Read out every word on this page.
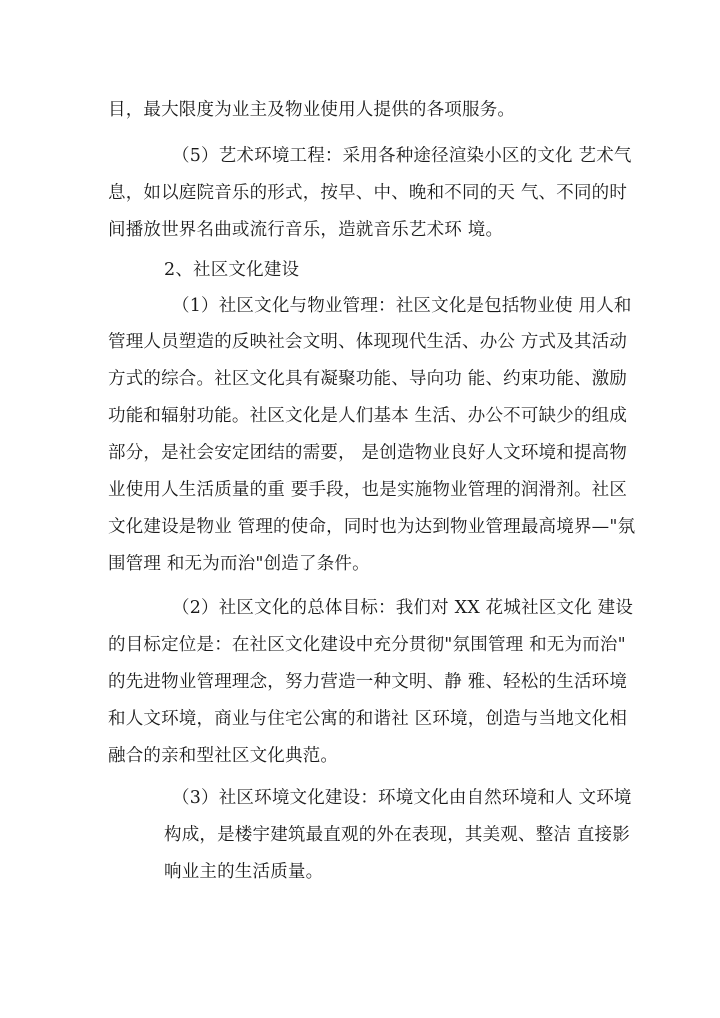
目，最大限度为业主及物业使用人提供的各项服务。
（5）艺术环境工程：采用各种途径渲染小区的文化 艺术气
息，如以庭院音乐的形式，按早、中、晚和不同的天 气、不同的时
间播放世界名曲或流行音乐，造就音乐艺术环 境。
2、社区文化建设
（1）社区文化与物业管理：社区文化是包括物业使 用人和
管理人员塑造的反映社会文明、体现现代生活、办公 方式及其活动
方式的综合。社区文化具有凝聚功能、导向功 能、约束功能、激励
功能和辐射功能。社区文化是人们基本 生活、办公不可缺少的组成
部分，是社会安定团结的需要， 是创造物业良好人文环境和提高物
业使用人生活质量的重 要手段，也是实施物业管理的润滑剂。社区
文化建设是物业 管理的使命，同时也为达到物业管理最高境界—"氛
围管理 和无为而治"创造了条件。
（2）社区文化的总体目标：我们对 XX 花城社区文化 建设
的目标定位是：在社区文化建设中充分贯彻"氛围管理 和无为而治"
的先进物业管理理念，努力营造一种文明、静 雅、轻松的生活环境
和人文环境，商业与住宅公寓的和谐社 区环境，创造与当地文化相
融合的亲和型社区文化典范。
（3）社区环境文化建设：环境文化由自然环境和人 文环境
构成，是楼宇建筑最直观的外在表现，其美观、整洁 直接影
响业主的生活质量。
